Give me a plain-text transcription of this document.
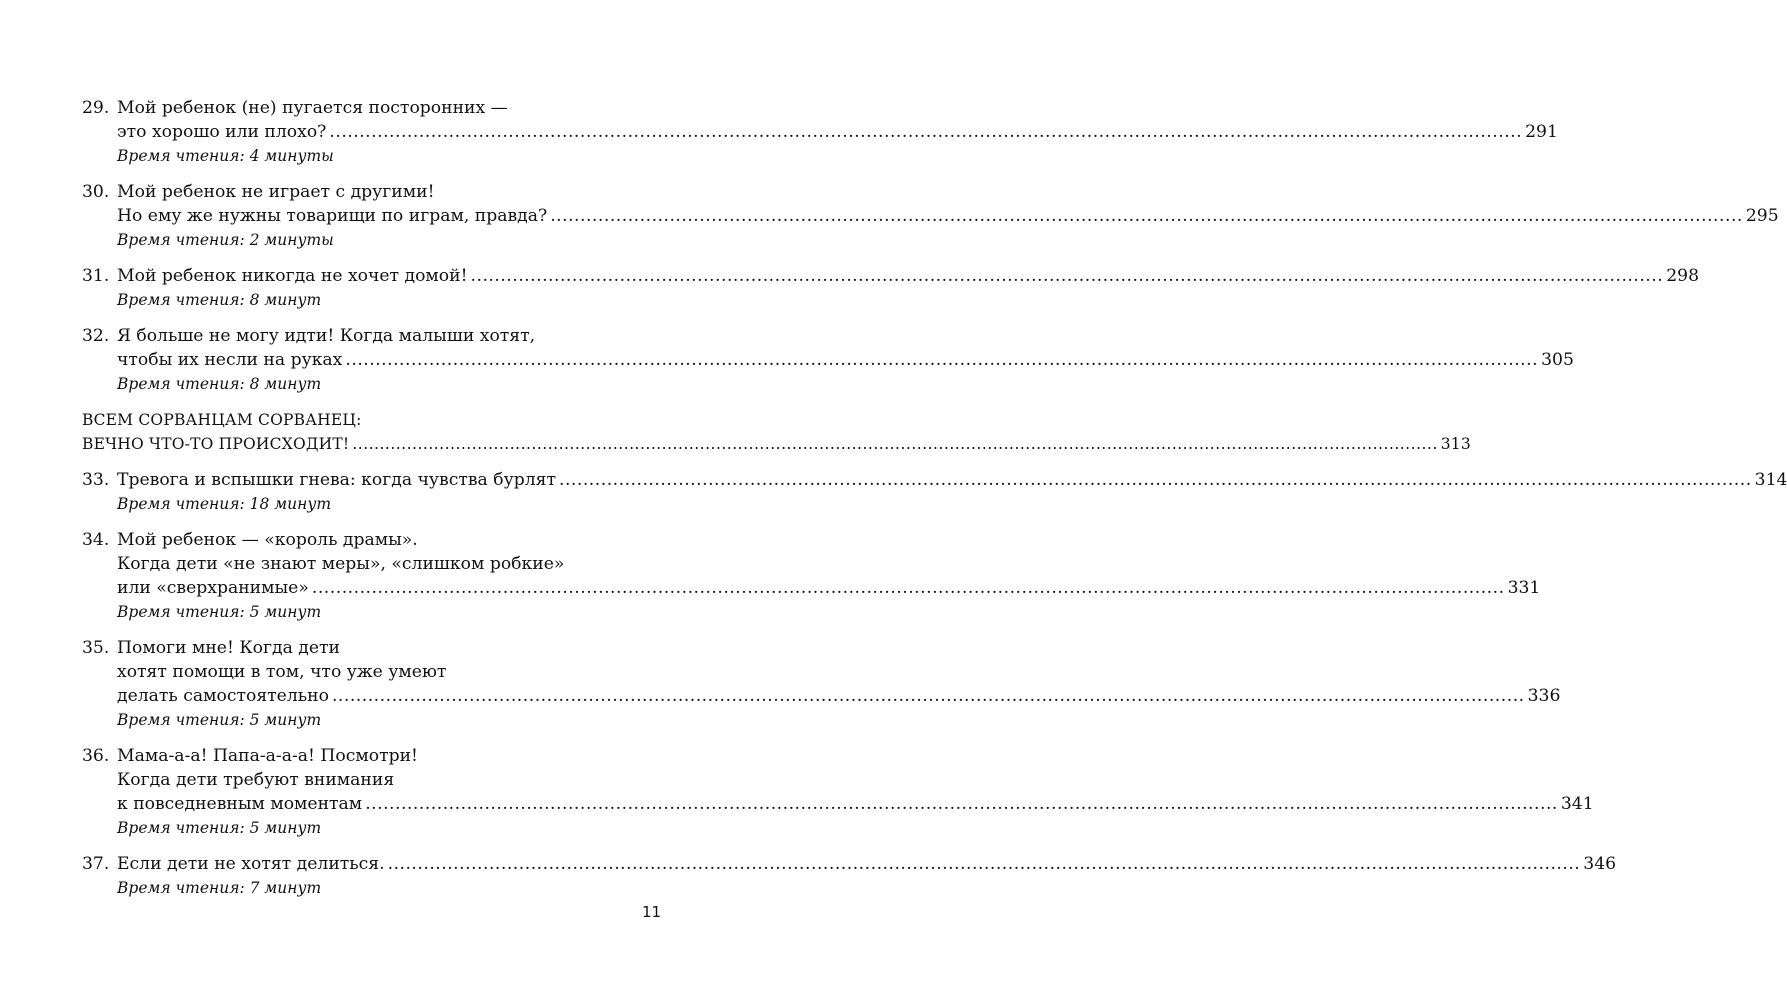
29. Мой ребенок (не) пугается посторонних —
это хорошо или плохо? ........................................................................................................................................................................................................ 291
Время чтения: 4 минуты
30. Мой ребенок не играет с другими!
Но ему же нужны товарищи по играм, правда? ........................................................................................................................................................................................................ 295
Время чтения: 2 минуты
31. Мой ребенок никогда не хочет домой! ........................................................................................................................................................................................................ 298
Время чтения: 8 минут
32. Я больше не могу идти! Когда малыши хотят,
чтобы их несли на руках ........................................................................................................................................................................................................ 305
Время чтения: 8 минут
ВСЕМ СОРВАНЦАМ СОРВАНЕЦ:
ВЕЧНО ЧТО-ТО ПРОИСХОДИТ! ........................................................................................................................................................................................................ 313
33. Тревога и вспышки гнева: когда чувства бурлят ........................................................................................................................................................................................................ 314
Время чтения: 18 минут
34. Мой ребенок — «король драмы».
Когда дети «не знают меры», «слишком робкие»
или «сверхранимые» ........................................................................................................................................................................................................ 331
Время чтения: 5 минут
35. Помоги мне! Когда дети
хотят помощи в том, что уже умеют
делать самостоятельно ........................................................................................................................................................................................................ 336
Время чтения: 5 минут
36. Мама-а-а! Папа-а-а-а! Посмотри!
Когда дети требуют внимания
к повседневным моментам ........................................................................................................................................................................................................ 341
Время чтения: 5 минут
37. Если дети не хотят делиться. ........................................................................................................................................................................................................ 346
Время чтения: 7 минут
11
